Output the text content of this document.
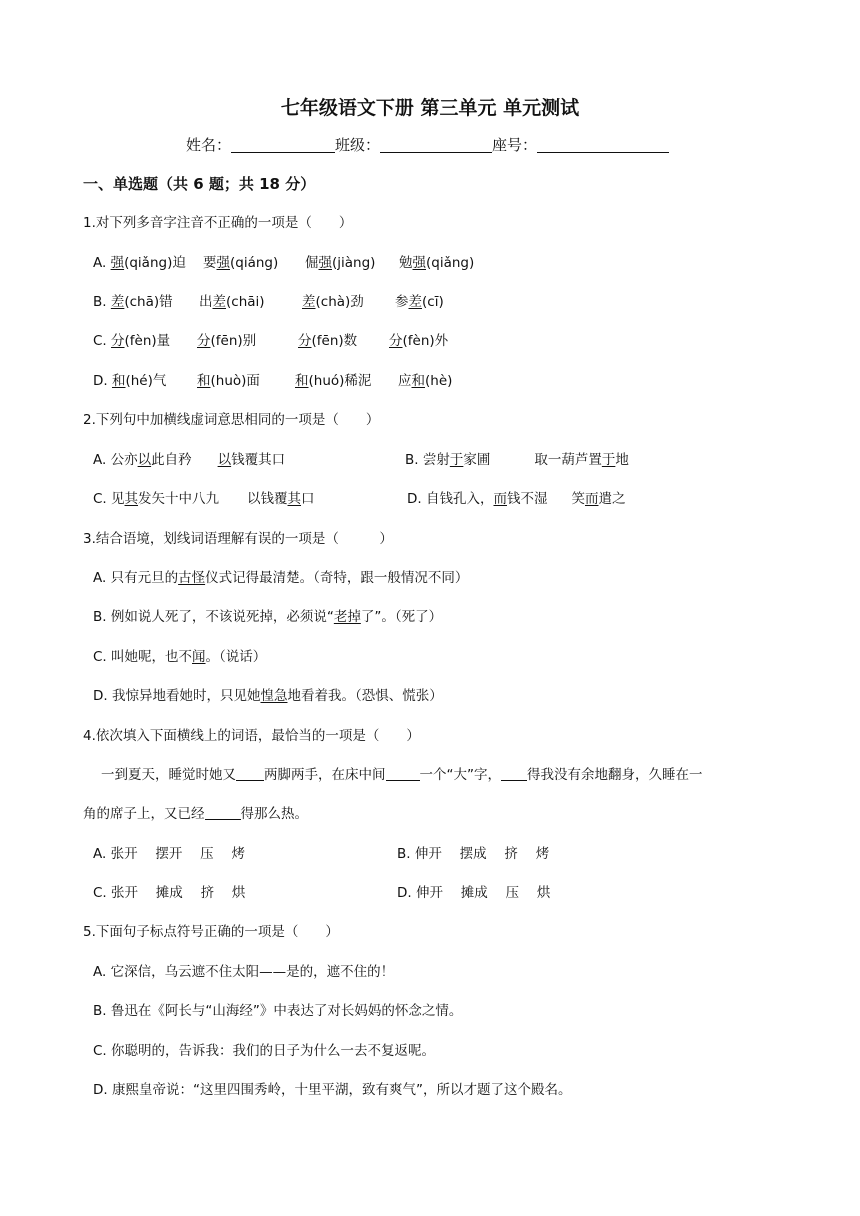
七年级语文下册 第三单元 单元测试
姓名：	班级：	座号：
一、单选题（共 6 题；共 18 分）
1.对下列多音字注音不正确的一项是（　　）
A. 强(qiǎng)迫 要强(qiáng) 倔强(jiàng) 勉强(qiǎng)
B. 差(chā)错 出差(chāi)	差(chà)劲 参差(cī)
C. 分(fèn)量 分(fēn)别	分(fēn)数 分(fèn)外
D. 和(hé)气 和(huò)面	和(huó)稀泥 应和(hè)
2.下列句中加横线虚词意思相同的一项是（　　）
A. 公亦以此自矜 以钱覆其口	B. 尝射于家圃	取一葫芦置于地
C. 见其发矢十中八九 以钱覆其口	D. 自钱孔入，而钱不湿 笑而遣之
3.结合语境，划线词语理解有误的一项是（　　　）
A. 只有元旦的古怪仪式记得最清楚。（奇特，跟一般情况不同）
B. 例如说人死了，不该说死掉，必须说“老掉了”。（死了）
C. 叫她呢，也不闻。（说话）
D. 我惊异地看她时，只见她惶急地看着我。（恐惧、慌张）
4.依次填入下面横线上的词语，最恰当的一项是（　　）
一到夏天，睡觉时她又 两脚两手，在床中间	一个“大”字， 得我没有余地翻身，久睡在一
角的席子上，又已经	得那么热。
A. 张开　 摆开　 压　 烤	B. 伸开　 摆成　 挤　 烤
C. 张开　 摊成　 挤　 烘	D. 伸开　 摊成　 压　 烘
5.下面句子标点符号正确的一项是（　　）
A. 它深信，乌云遮不住太阳——是的，遮不住的！
B. 鲁迅在《阿长与“山海经”》中表达了对长妈妈的怀念之情。
C. 你聪明的，告诉我：我们的日子为什么一去不复返呢。
D. 康熙皇帝说：“这里四围秀岭，十里平湖，致有爽气”，所以才题了这个殿名。
